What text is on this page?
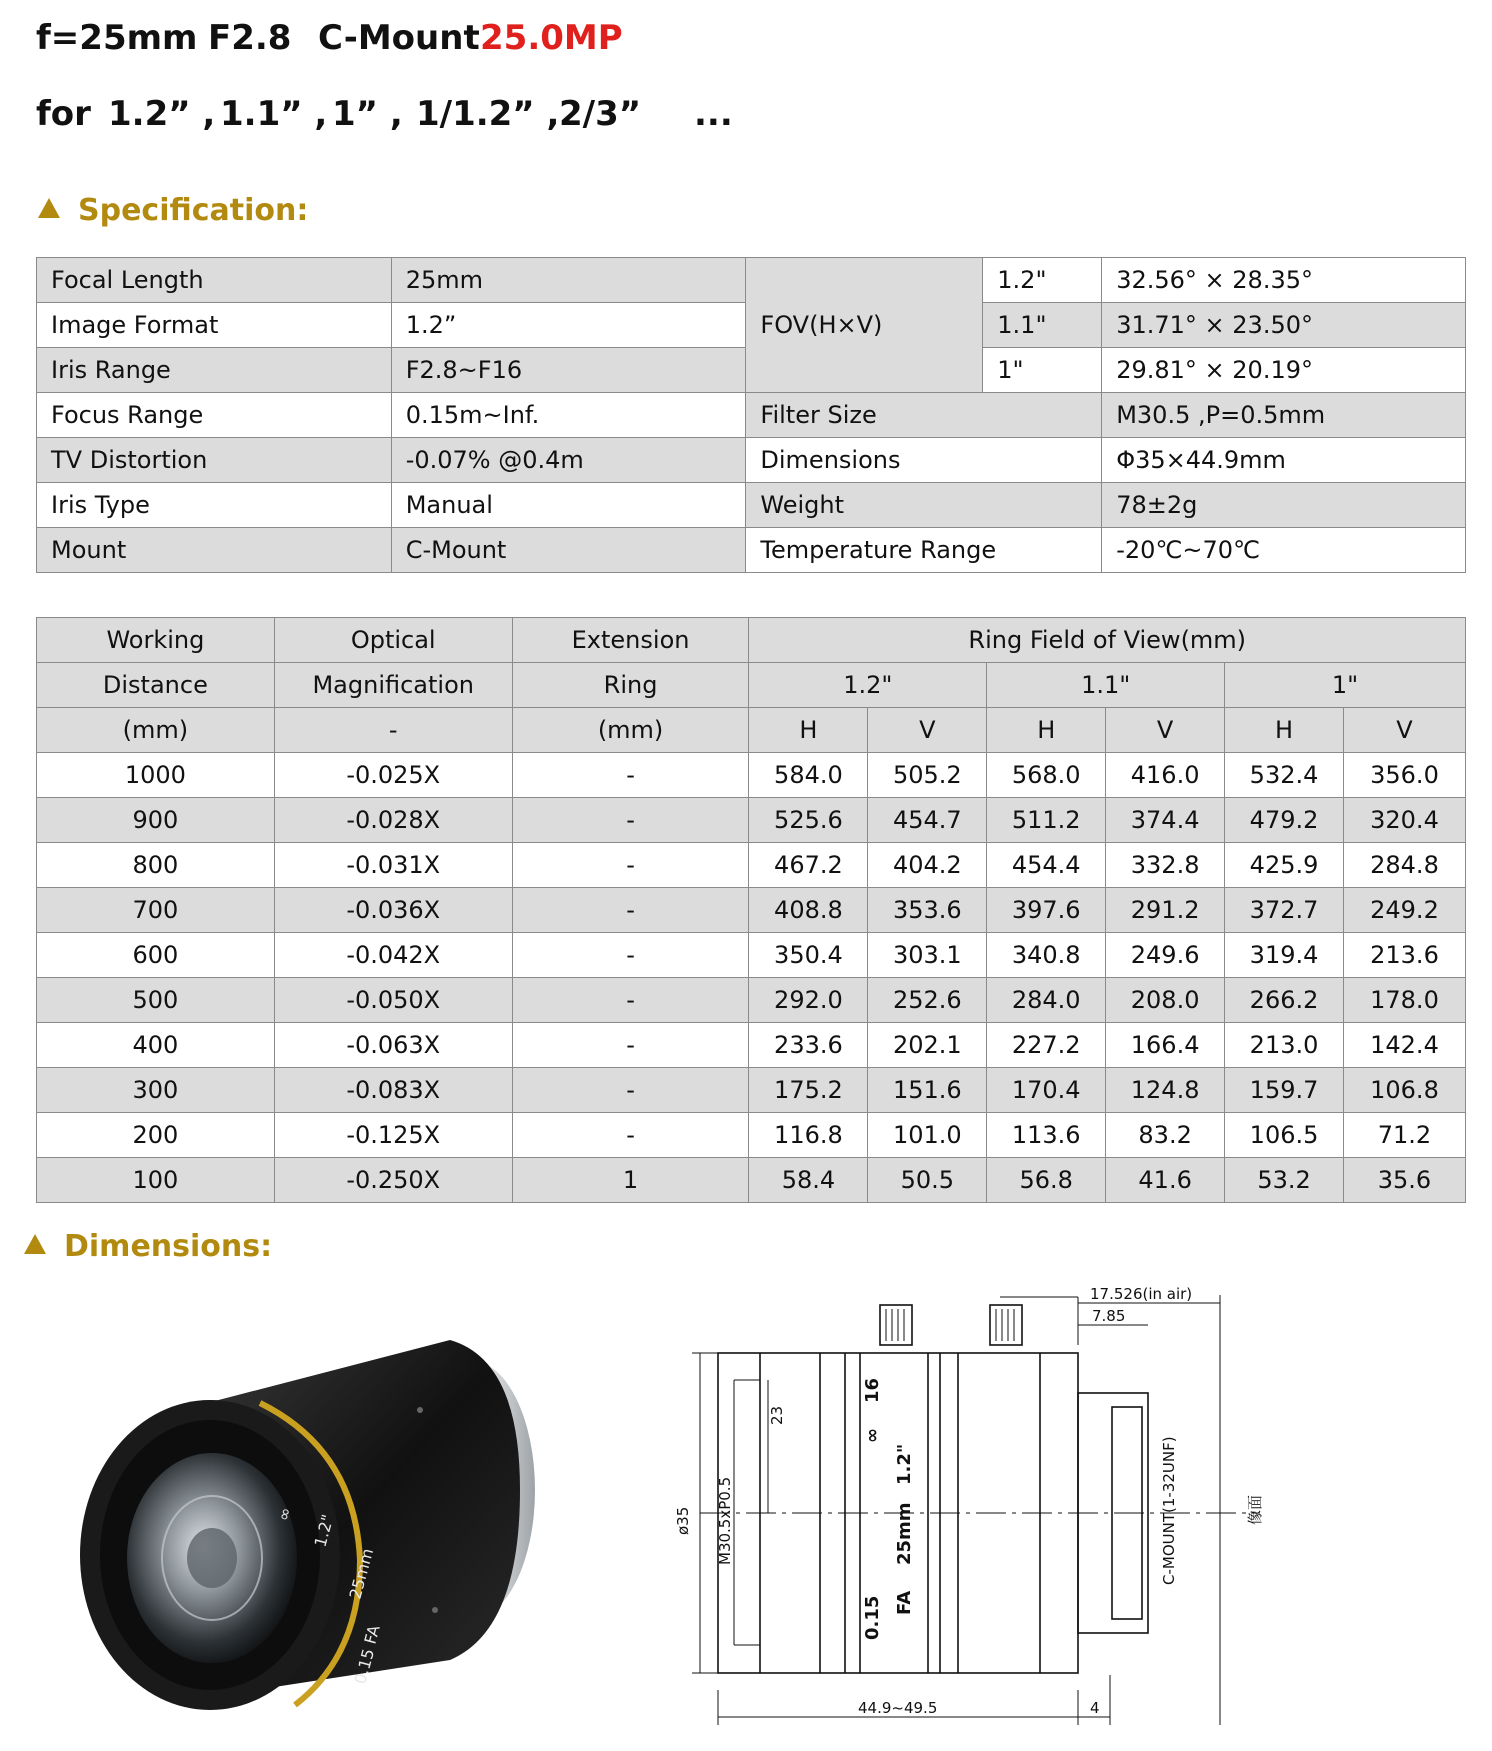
f=25mm F2.8 C-Mount 25.0MP
for 1.2” , 1.1” , 1” , 1/1.2” , 2/3” ...
Specification:
Focal Length	25mm	FOV(H×V)	1.2"	32.56° × 28.35°
Image Format	1.2”		1.1"	31.71° × 23.50°
Iris Range	F2.8~F16		1"	29.81° × 20.19°
Focus Range	0.15m~Inf.	Filter Size		M30.5 ,P=0.5mm
TV Distortion	-0.07% @0.4m	Dimensions		Φ35×44.9mm
Iris Type	Manual	Weight		78±2g
Mount	C-Mount	Temperature Range		-20℃~70℃
Working	Optical	Extension	Ring Field of View(mm)					
Distance	Magnification	Ring	1.2"		1.1"		1"	
(mm)	-	(mm)	H	V	H	V	H	V
1000	-0.025X	-	584.0	505.2	568.0	416.0	532.4	356.0
900	-0.028X	-	525.6	454.7	511.2	374.4	479.2	320.4
800	-0.031X	-	467.2	404.2	454.4	332.8	425.9	284.8
700	-0.036X	-	408.8	353.6	397.6	291.2	372.7	249.2
600	-0.042X	-	350.4	303.1	340.8	249.6	319.4	213.6
500	-0.050X	-	292.0	252.6	284.0	208.0	266.2	178.0
400	-0.063X	-	233.6	202.1	227.2	166.4	213.0	142.4
300	-0.083X	-	175.2	151.6	170.4	124.8	159.7	106.8
200	-0.125X	-	116.8	101.0	113.6	83.2	106.5	71.2
100	-0.250X	1	58.4	50.5	56.8	41.6	53.2	35.6
Dimensions:
1.2"
25mm
FA
0.15
∞
17.526(in air)
7.85
23
ø35 M30.5xP0.5
44.9~49.5	4
C-MOUNT(1-32UNF)	像面
16
∞
1.2"
25mm
FA
0.15
